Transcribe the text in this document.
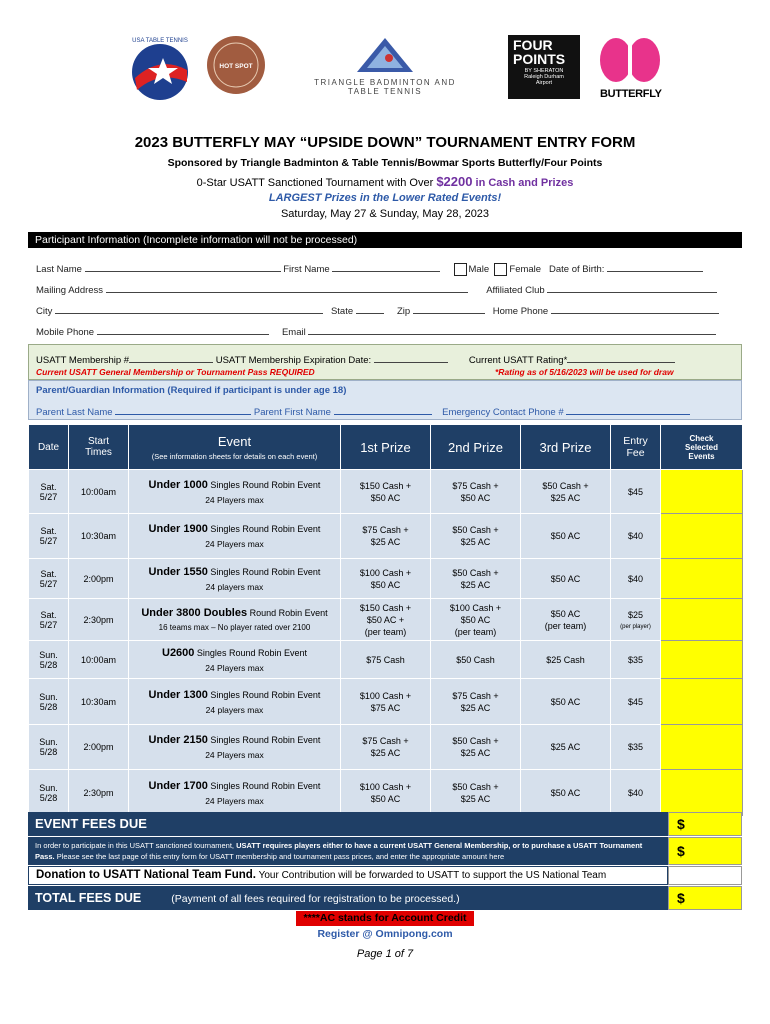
USA TABLE TENNIS
HOT SPOT
TRIANGLE BADMINTON AND TABLE TENNIS
FOUR
POINTS
BY SHERATON
Raleigh Durham
Airport
BUTTERFLY
2023 BUTTERFLY MAY “UPSIDE DOWN” TOURNAMENT ENTRY FORM
Sponsored by Triangle Badminton & Table Tennis/Bowmar Sports Butterfly/Four Points
0-Star USATT Sanctioned Tournament with Over $2200 in Cash and Prizes
LARGEST Prizes in the Lower Rated Events!
Saturday, May 27 & Sunday, May 28, 2023
Participant Information (Incomplete information will not be processed)
Last Name	First Name	Male Female Date of Birth:
Mailing Address	Affiliated Club
City	State	Zip	Home Phone
Mobile Phone	Email
USATT Membership #	USATT Membership Expiration Date:	Current USATT Rating*
Current USATT General Membership or Tournament Pass REQUIRED	*Rating as of 5/16/2023 will be used for draw
Parent/Guardian Information (Required if participant is under age 18)
Parent Last Name	Parent First Name	Emergency Contact Phone #
Date	Start Times	Event
(See information sheets for details on each event)	1st Prize	2nd Prize	3rd Prize	Entry Fee	Check Selected Events
Sat.
5/27	10:00am	Under 1000 Singles Round Robin Event
24 Players max	$150 Cash +
$50 AC	$75 Cash +
$50 AC	$50 Cash +
$25 AC	$45	
Sat.
5/27	10:30am	Under 1900 Singles Round Robin Event
24 Players max	$75 Cash +
$25 AC	$50 Cash +
$25 AC	$50 AC	$40	
Sat.
5/27	2:00pm	Under 1550 Singles Round Robin Event
24 players max	$100 Cash +
$50 AC	$50 Cash +
$25 AC	$50 AC	$40	
Sat.
5/27	2:30pm	Under 3800 Doubles Round Robin Event
16 teams max – No player rated over 2100	$150 Cash +
$50 AC +
(per team)	$100 Cash +
$50 AC
(per team)	$50 AC
(per team)	$25
(per player)	
Sun.
5/28	10:00am	U2600 Singles Round Robin Event
24 Players max	$75 Cash	$50 Cash	$25 Cash	$35	
Sun.
5/28	10:30am	Under 1300 Singles Round Robin Event
24 players max	$100 Cash +
$75 AC	$75 Cash +
$25 AC	$50 AC	$45	
Sun.
5/28	2:00pm	Under 2150 Singles Round Robin Event
24 Players max	$75 Cash +
$25 AC	$50 Cash +
$25 AC	$25 AC	$35	
Sun.
5/28	2:30pm	Under 1700 Singles Round Robin Event
24 Players max	$100 Cash +
$50 AC	$50 Cash +
$25 AC	$50 AC	$40	
EVENT FEES DUE	$
In order to participate in this USATT sanctioned tournament, USATT requires players either to have a current USATT General Membership, or to purchase a USATT Tournament Pass. Please see the last page of this entry form for USATT membership and tournament pass prices, and enter the appropriate amount here	$
Donation to USATT National Team Fund. Your Contribution will be forwarded to USATT to support the US National Team
TOTAL FEES DUE	(Payment of all fees required for registration to be processed.)	$
****AC stands for Account Credit
Register @ Omnipong.com
Page 1 of 7
